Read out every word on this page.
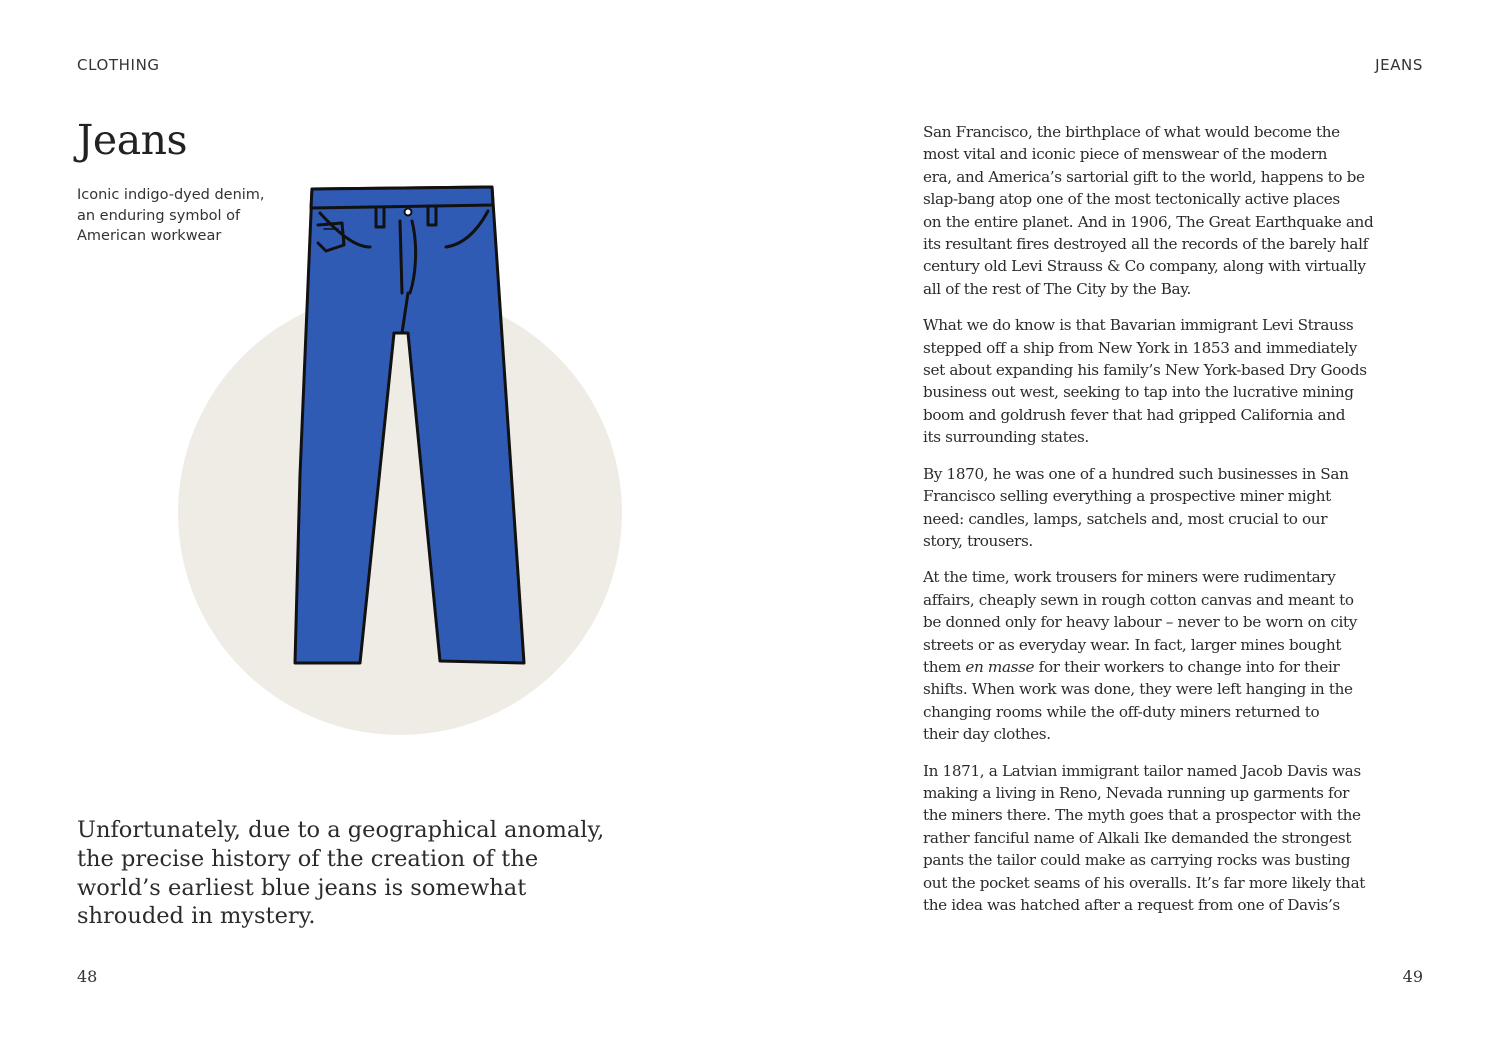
CLOTHING
Jeans
Iconic indigo-dyed denim,
an enduring symbol of
American workwear
Unfortunately, due to a geographical anomaly,
the precise history of the creation of the
world’s earliest blue jeans is somewhat
shrouded in mystery.
48
JEANS
San Francisco, the birthplace of what would become the
most vital and iconic piece of menswear of the modern
era, and America’s sartorial gift to the world, happens to be
slap-bang atop one of the most tectonically active places
on the entire planet. And in 1906, The Great Earthquake and
its resultant fires destroyed all the records of the barely half
century old Levi Strauss & Co company, along with virtually
all of the rest of The City by the Bay.
What we do know is that Bavarian immigrant Levi Strauss
stepped off a ship from New York in 1853 and immediately
set about expanding his family’s New York-based Dry Goods
business out west, seeking to tap into the lucrative mining
boom and goldrush fever that had gripped California and
its surrounding states.
By 1870, he was one of a hundred such businesses in San
Francisco selling everything a prospective miner might
need: candles, lamps, satchels and, most crucial to our
story, trousers.
At the time, work trousers for miners were rudimentary
affairs, cheaply sewn in rough cotton canvas and meant to
be donned only for heavy labour – never to be worn on city
streets or as everyday wear. In fact, larger mines bought
them en masse for their workers to change into for their
shifts. When work was done, they were left hanging in the
changing rooms while the off-duty miners returned to
their day clothes.
In 1871, a Latvian immigrant tailor named Jacob Davis was
making a living in Reno, Nevada running up garments for
the miners there. The myth goes that a prospector with the
rather fanciful name of Alkali Ike demanded the strongest
pants the tailor could make as carrying rocks was busting
out the pocket seams of his overalls. It’s far more likely that
the idea was hatched after a request from one of Davis’s
49
